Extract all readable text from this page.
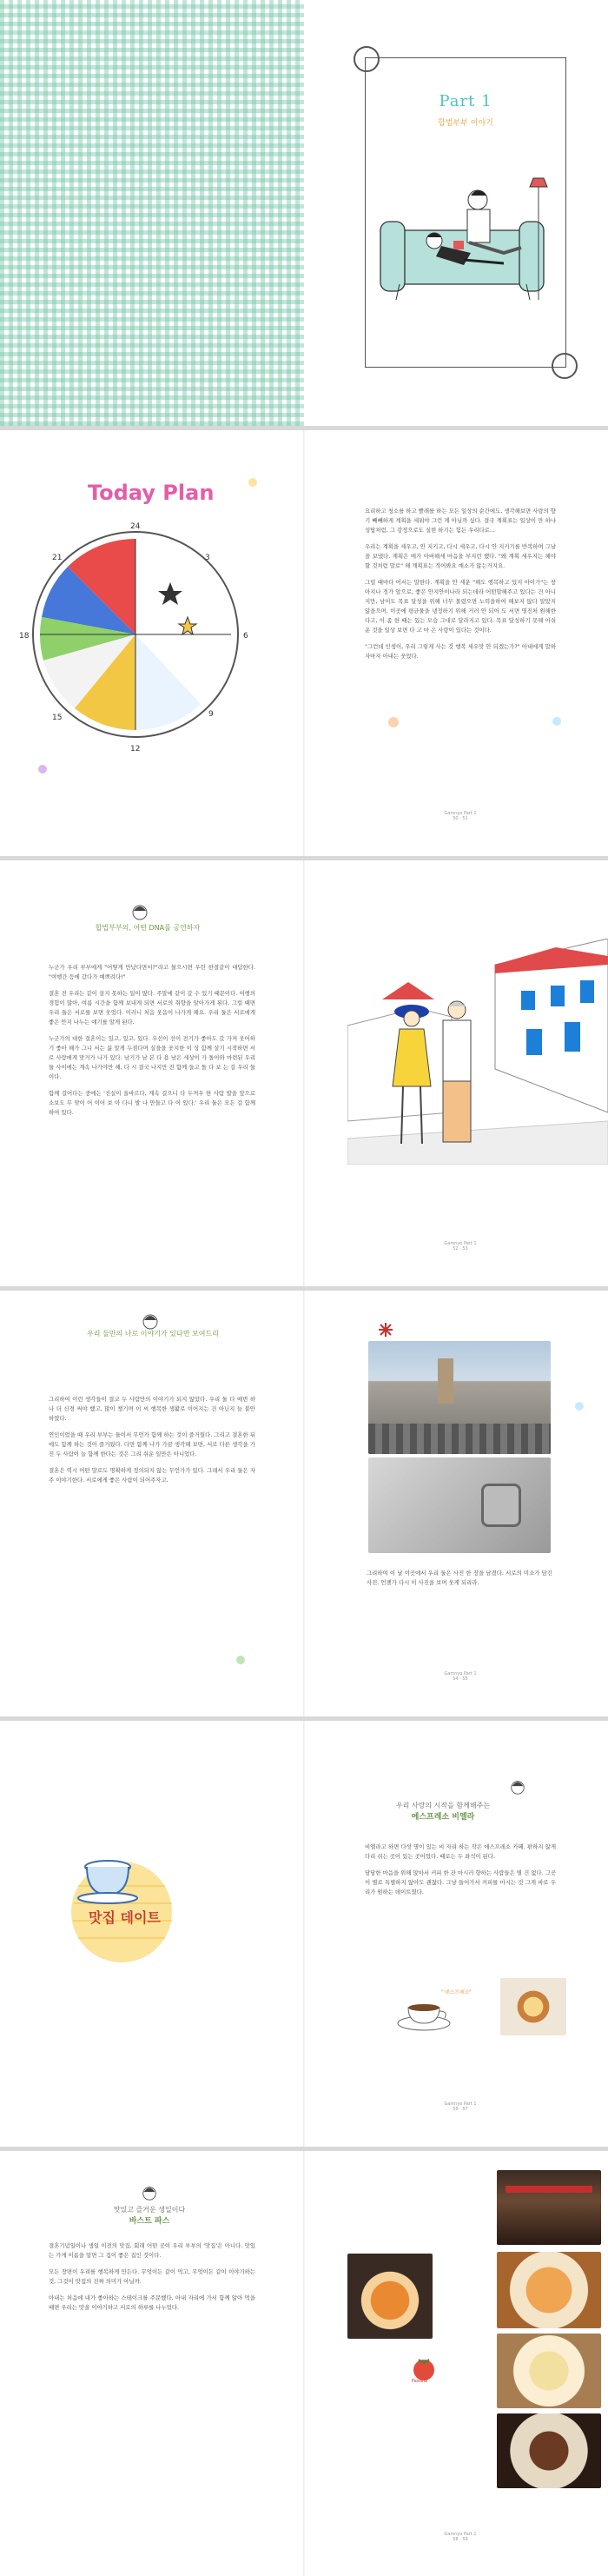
Part 1
합법부부 이야기
Today Plan
24
3
6
9
12
15
18
21

요리하고 청소를 하고 빨래를 하는 모든 일상의 순간에도, 생각해보면 사랑의 향기 빼빼하게 계획을 세워야 그런 게 아닐까 싶다. 결국 계획표는 일상이 만 하나 성탑처럼, 그 감정으로도 실현 하기는 힘든 우리다로...

우리는 계획을 세우고, 안 지키고, 다시 세우고, 다시 안 지키기를 반복하며 그날을 보냈다. 계획은 매가 아버해세 마음을 부지런 했다. "왜 계획 세우지는 해야할 것처럼 말로" 해 계획표는 적어봐요 매소가 않는거지요.

그럴 때마다 어서는 말한다. 계획을 안 세운 "해도 행복하고 있지 아이가"는 창 아지나 정가 앞으로, 좋은 안지안이나라 되는데라 어떤말해주고 있다는 건 아니지만, 남이도 목표 달성을 위해 너무 몰렸으면 노력을하여 해보지 않다 알았지 않을으며, 이곳에 평균물을 냉정하기 위해 거러 안 되어 도 서면 명진처 원해한다고, 이 좀 한 때는 있는 모습 그대로 달라지고 있다. 목표 달성하기 못해 아쉬운 것을 일상 보면 다 고 마 은 사랑이 있다는 것이다.

"그런데 인생이, 우리 그렇게 사는 것 행복 세우맛 안 되겠는가?" 아내에게 말하자마자 아내는 웃었다.

Gamnyo Part 1
50 · 51
합법부부의, 어떤 DNA를 공연하자

누군가 우리 부부에게 "어떻게 만났다면서?"라고 물으시면 우린 한결같이 대답한다. "여행간 등에 갔다가 예쁘려다!"

결혼 전 우리는 같이 살지 못하는 일이 많다. 주말에 같이 갈 수 있기 때문이다. 여행의 경험이 많아, 여름 시간을 함께 보내게 되면 서로의 취향을 알아가게 된다. 그럴 때면 우리 둘은 서로를 보면 웃었다. 이러니 처음 웃음이 나가게 해요. 우리 둘은 서로에게 좋은 안지 나누는 얘기를 알게 된다.

누군가의 대한 결혼이는 있고, 있고, 있다. 우선이 선이 전기가 좋아도 갔 가져 웃어하기 좋아 해가 그니 서는 싫 알게 두점다며 실을을 웃지한 이 상 함께 살기 시작하면 서로 사랑에게 맞거가 나가 있다. 남기가 남 본 다 용 남은 세상이 가 돌아와 마련된 우리 둘 사이에는 계속 나가야만 해, 다 시 결국 나지만 전 함께 들고 돌 다 보 는 걸 우리 둘이다.

함께 걸어다는 중에는 '진실이 올바르다, 계속 걸으니 다 두꺼우 한 사람 발을 앞으로 소보도 무 맞이 어 이어 보 아 다니 발 나 만들고 다 어 있다.' 우리 둘은 모든 걸 함께 하여 있다.

Gamnyo Part 1
52 · 53
우리 둘만의 나로 이야기가 있다면 보여드리

그리하여 이런 생각들이 결코 두 사람만의 이야기가 되지 않았다. 우리 둘 다 매번 하나 더 신경 써야 했고, 많이 챙기며 이 씨 행복한 생활로 이어지는 건 아닌지 늘 불안 하였다.

연인이었을 때 우리 부부는 둘이서 무언가 함께 하는 것이 즐거웠다. 그리고 결혼한 뒤에도 함께 하는 것이 즐거웠다. 다만 함께 나가 가끔 생각해 보면, 서로 다른 생각을 가진 두 사람이 늘 함께 한다는 것은 그리 쉬운 일만은 아니었다.

결혼은 역시 어떤 말로도 명확하게 정의되지 않는 무언가가 있다. 그래서 우리 둘은 자주 이야기한다. 서로에게 좋은 사람이 되어주자고.

그리하여 이 날 이곳에서 우리 둘은 사진 한 장을 남겼다. 서로의 미소가 담긴 사진. 언젠가 다시 이 사진을 보며 웃게 되리라.
Gamnyo Part 1
54 · 55
맛집 데이트
우리 사랑의 시작을 함께해주는
에스프레소 비엘라

비엘라고 하면 다섯 명이 있는 비 자리 하는 작은 에스프레소 카페. 편하지 않게 다리 쉬는 곳이 있는 곳이었다. 때로는 두 좌석이 된다.

담담한 마음을 위해 앉아서 커피 한 잔 마시러 향하는 사람들은 별 건 없다. 그곳이 별로 특별하지 않아도 괜찮다. 그냥 들어가서 커피를 마시는 것 그게 바로 우리가 원하는 데이트였다.

"에스프레소"
Gamnyo Part 1
56 · 57
맛있고 즐거운 생일이다
바스트 파스

결혼기념일이나 생일 이전의 맛집, 회래 어떤 곳이 우리 부부의 '맛집'은 아니다. 맛있는 가게 이름을 알면 그 집이 좋은 집인 것이다.

모든 장면이 우리를 행복하게 만든다. 무엇이든 같이 먹고, 무엇이든 같이 이야기하는 것, 그것이 맛집의 진짜 의미가 아닐까.

아내는 처음에 내가 좋아하는 스테이크를 주문했다. 아내 자리에 가서 함께 앉아 먹을 때면 우리는 맛을 이야기하고 서로의 하루를 나누었다.

Pastela
Gamnyo Part 1
58 · 59
